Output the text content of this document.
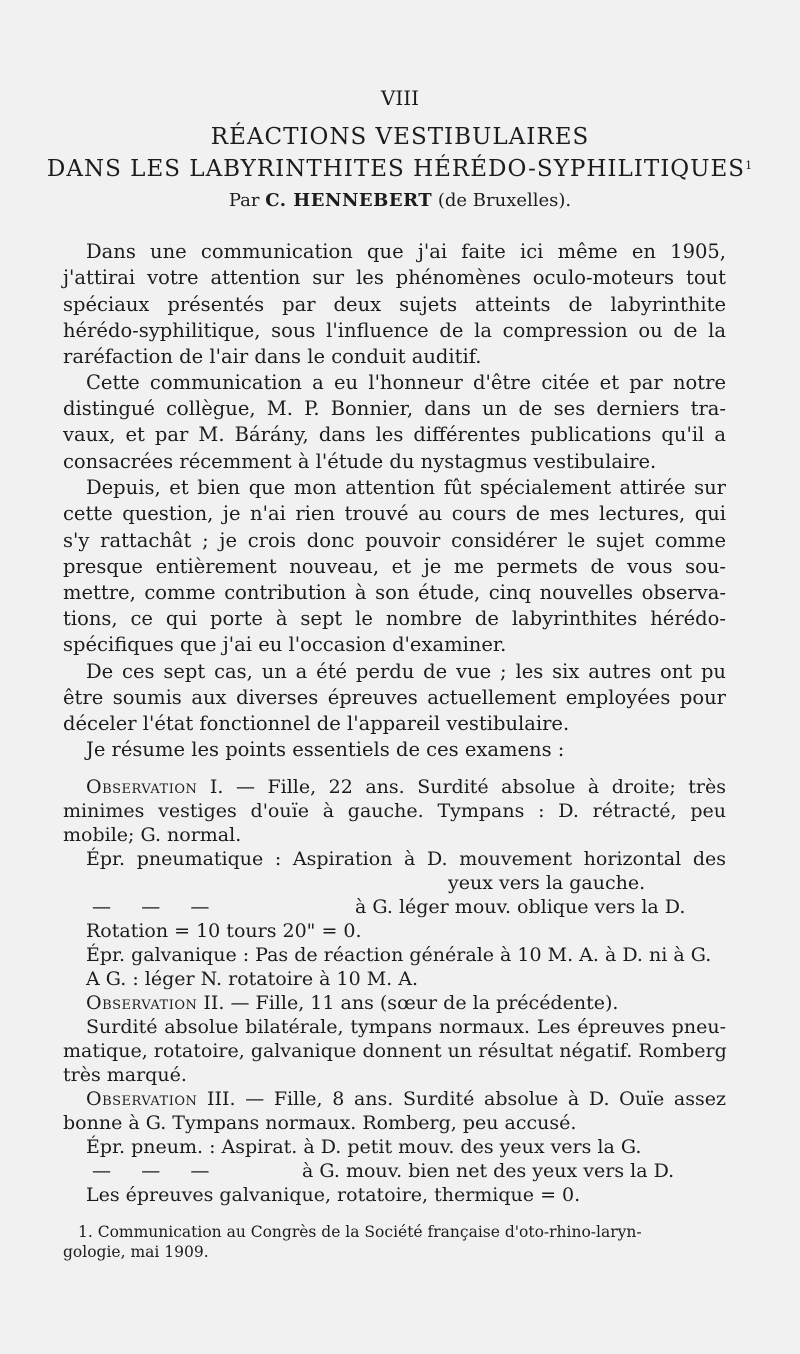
VIII
RÉACTIONS VESTIBULAIRES
DANS LES LABYRINTHITES HÉRÉDO-SYPHILITIQUES$^1$
Par C. HENNEBERT (de Bruxelles).
Dans une communication que j'ai faite ici même en 1905,
j'attirai votre attention sur les phénomènes oculo-moteurs tout
spéciaux présentés par deux sujets atteints de labyrinthite
hérédo-syphilitique, sous l'influence de la compression ou de la
raréfaction de l'air dans le conduit auditif.
Cette communication a eu l'honneur d'être citée et par notre
distingué collègue, M. P. Bonnier, dans un de ses derniers tra-
vaux, et par M. Bárány, dans les différentes publications qu'il a
consacrées récemment à l'étude du nystagmus vestibulaire.
Depuis, et bien que mon attention fût spécialement attirée sur
cette question, je n'ai rien trouvé au cours de mes lectures, qui
s'y rattachât ; je crois donc pouvoir considérer le sujet comme
presque entièrement nouveau, et je me permets de vous sou-
mettre, comme contribution à son étude, cinq nouvelles observa-
tions, ce qui porte à sept le nombre de labyrinthites hérédo-
spécifiques que j'ai eu l'occasion d'examiner.
De ces sept cas, un a été perdu de vue ; les six autres ont pu
être soumis aux diverses épreuves actuellement employées pour
déceler l'état fonctionnel de l'appareil vestibulaire.
Je résume les points essentiels de ces examens :
Observation I. — Fille, 22 ans. Surdité absolue à droite; très
minimes vestiges d'ouïe à gauche. Tympans : D. rétracté, peu
mobile; G. normal.
Épr. pneumatique : Aspiration à D. mouvement horizontal des
yeux vers la gauche.
—     —     —	à G. léger mouv. oblique vers la D.
Rotation = 10 tours 20" = 0.
Épr. galvanique : Pas de réaction générale à 10 M. A. à D. ni à G.
A G. : léger N. rotatoire à 10 M. A.
Observation II. — Fille, 11 ans (sœur de la précédente).
Surdité absolue bilatérale, tympans normaux. Les épreuves pneu-
matique, rotatoire, galvanique donnent un résultat négatif. Romberg
très marqué.
Observation III. — Fille, 8 ans. Surdité absolue à D. Ouïe assez
bonne à G. Tympans normaux. Romberg, peu accusé.
Épr. pneum. : Aspirat. à D. petit mouv. des yeux vers la G.
—     —     —	à G. mouv. bien net des yeux vers la D.
Les épreuves galvanique, rotatoire, thermique = 0.
1. Communication au Congrès de la Société française d'oto-rhino-laryn-
gologie, mai 1909.
